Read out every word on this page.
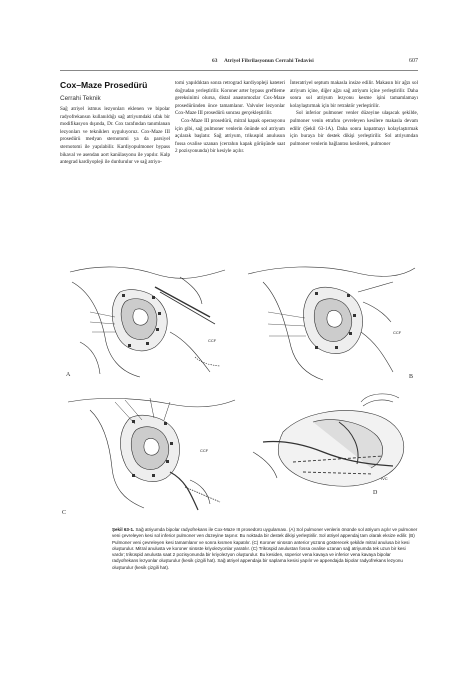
63 Atriyel Fibrilasyonun Cerrahi Tedavisi	607
Cox–Maze Prosedürü
Cerrahi Teknik

Sağ atriyel istmus lezyonları eklenen ve bipolar radyofrekansın kullanıldığı sağ atriyumdaki ufak bir modifikasyon dışında, Dr. Cox tarafından tanımlanan lezyonları ve tekniklerı uyguluyoruz. Cox-Maze III prosedürü medyan sternotomi ya da parsiyel sternotomi ile yapılabilir. Kardiyopulmoner bypass bikaval ve asendan aort kanülasyonu ile yapılır. Kalp antegrad kardiyopleji ile durdurulur ve sağ atriyo-

tomi yapıldıktan sonra retrograd kardiyopleji kateteri doğrudan yerleştirilir. Koroner arter bypass greftleme gereksinimi olursa, distal anastomozlar Cox-Maze prosedüründen önce tamamlanır. Valvuler lezyonlar Cox-Maze III prosedürü sonrası gerçekleştirilir.

Cox-Maze III prosedürü, mitral kapak operasyonu için gibi, sağ pulmoner venlerin önünde sol atriyum açılarak başlatır. Sağ atriyum, trikuspid anulusun fossa ovalise uzanan (cerrahın kapak görüşünde saat 2 pozisyonunda) bir kesiyle açılır.

İnteratriyel septum makasla insize edilir. Makasın bir ağzı sol atriyum içine, diğer ağzı sağ atriyum içine yerleştirilir. Daha sonra sol atriyum lezyonu kesme işini tamamlamayı kolaylaştırmak için bir retraktör yerleştirilir.

Sol inferior pulmoner venler düzeyine ulaşacak şekilde, pulmoner venin etrafını çevreleyen kesilere makasla devam edilir (Şekil 63-1A). Daha sonra kapatmayı kolaylaştırmak için buraya bir destek dikişi yerleştirilir. Sol atriyumdan pulmoner venlerin bağlantısı kesilerek, pulmoner

CCF
A
CCF
B
CCF
C
IVC
D
Şekil 63-1. Sağ atriyumda bipolar radyofrekans ile Cox-Maze III prosedürü uygulaması. (A) Sol pulmoner venlerin önünde sol atriyum açılır ve pulmoner veni çevreleyen kesi sol inferior pulmoner ven düzeyine taşınır. Bu noktada bir destek dikişi yerleştirilir. Sol atriyel appendaj tam olarak eksize edilir. (B) Pulmoner veni çevreleyen kesi tamamlanır ve sonra kısmen kapatılır. (C) Koroner sinüsün anterior yüzünü gösterecek şekilde mitral anulusa bir kesi oluşturulur. Mitral anulusta ve koroner sinüste kriyolezyonlar yaratılır. (C) Triküspid anulustan fossa ovalise uzanan sağ atriyumda tek uzun bir kesi vardır; triküspid anulusta saat 2 pozisyonunda bir kriyolezyon oluşturulur. Bu kesiden, süperior vena kavaya ve inferior vena kavaya bipolar radyofrekans lezyonlar oluşturulur (kesik çizgili hat). Sağ atriyel appendaja bir saplama kesisi yapılır ve appendajda bipolar radyofrekans lezyonu oluşturulur (kesik çizgili hat).
